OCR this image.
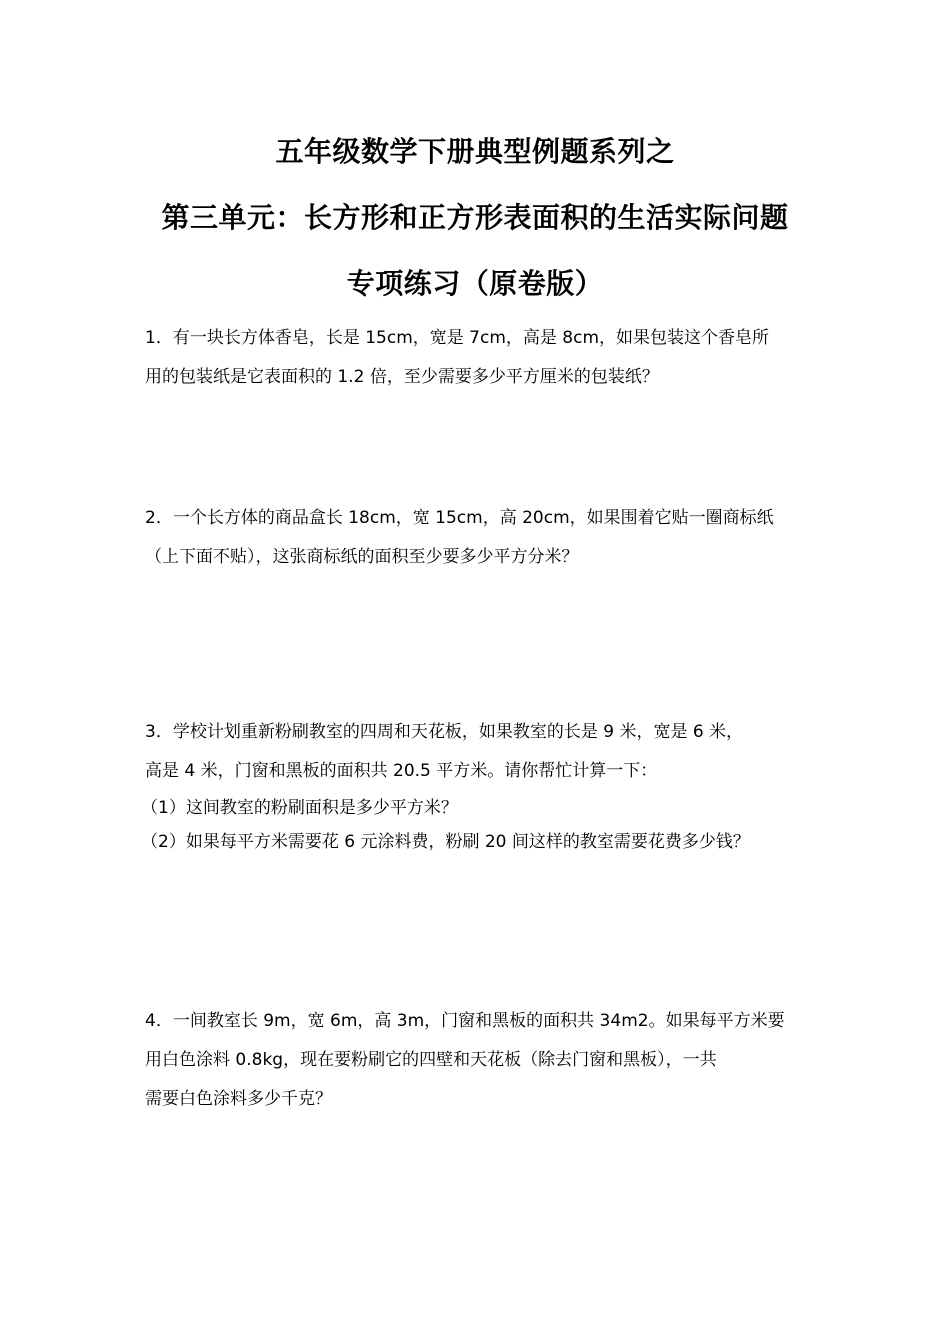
五年级数学下册典型例题系列之
第三单元：长方形和正方形表面积的生活实际问题
专项练习（原卷版）

1．有一块长方体香皂，长是 15cm，宽是 7cm，高是 8cm，如果包装这个香皂所

用的包装纸是它表面积的 1.2 倍，至少需要多少平方厘米的包装纸？

2．一个长方体的商品盒长 18cm，宽 15cm，高 20cm，如果围着它贴一圈商标纸

（上下面不贴），这张商标纸的面积至少要多少平方分米？

3．学校计划重新粉刷教室的四周和天花板，如果教室的长是 9 米，宽是 6 米，

高是 4 米，门窗和黑板的面积共 20.5 平方米。请你帮忙计算一下：

（1）这间教室的粉刷面积是多少平方米？

（2）如果每平方米需要花 6 元涂料费，粉刷 20 间这样的教室需要花费多少钱？

4．一间教室长 9m，宽 6m，高 3m，门窗和黑板的面积共 34m2。如果每平方米要

用白色涂料 0.8kg，现在要粉刷它的四壁和天花板（除去门窗和黑板），一共

需要白色涂料多少千克？
